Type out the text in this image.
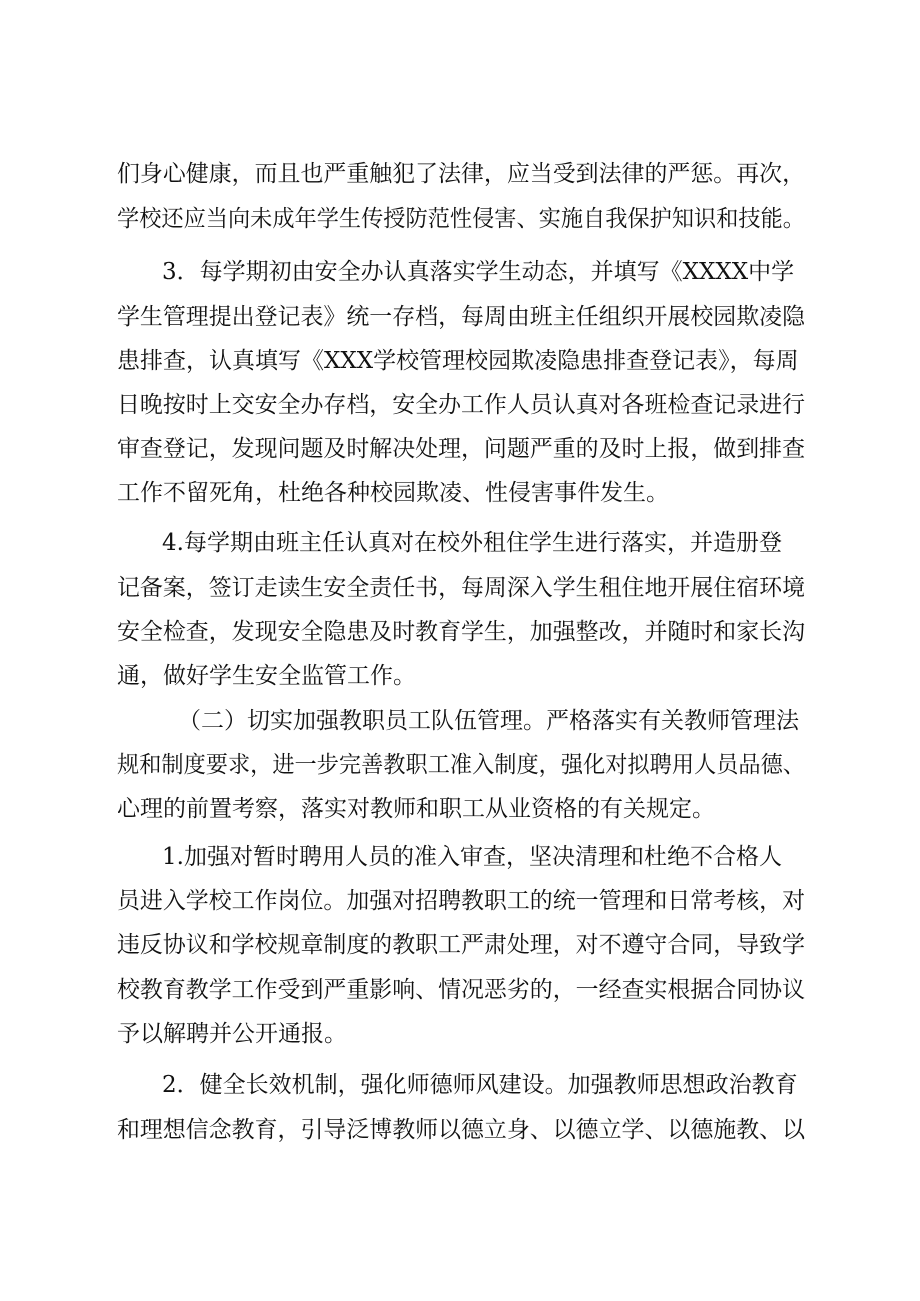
们身心健康，而且也严重触犯了法律，应当受到法律的严惩。再次，
学校还应当向未成年学生传授防范性侵害、实施自我保护知识和技能。
3．每学期初由安全办认真落实学生动态，并填写《XXXX中学
学生管理提出登记表》统一存档，每周由班主任组织开展校园欺凌隐
患排查，认真填写《XXX学校管理校园欺凌隐患排查登记表》，每周
日晚按时上交安全办存档，安全办工作人员认真对各班检查记录进行
审查登记，发现问题及时解决处理，问题严重的及时上报，做到排查
工作不留死角，杜绝各种校园欺凌、性侵害事件发生。
4.每学期由班主任认真对在校外租住学生进行落实，并造册登
记备案，签订走读生安全责任书，每周深入学生租住地开展住宿环境
安全检查，发现安全隐患及时教育学生，加强整改，并随时和家长沟
通，做好学生安全监管工作。
（二）切实加强教职员工队伍管理。严格落实有关教师管理法
规和制度要求，进一步完善教职工准入制度，强化对拟聘用人员品德、
心理的前置考察，落实对教师和职工从业资格的有关规定。
1.加强对暂时聘用人员的准入审查，坚决清理和杜绝不合格人
员进入学校工作岗位。加强对招聘教职工的统一管理和日常考核，对
违反协议和学校规章制度的教职工严肃处理，对不遵守合同，导致学
校教育教学工作受到严重影响、情况恶劣的，一经查实根据合同协议
予以解聘并公开通报。
2．健全长效机制，强化师德师风建设。加强教师思想政治教育
和理想信念教育，引导泛博教师以德立身、以德立学、以德施教、以
